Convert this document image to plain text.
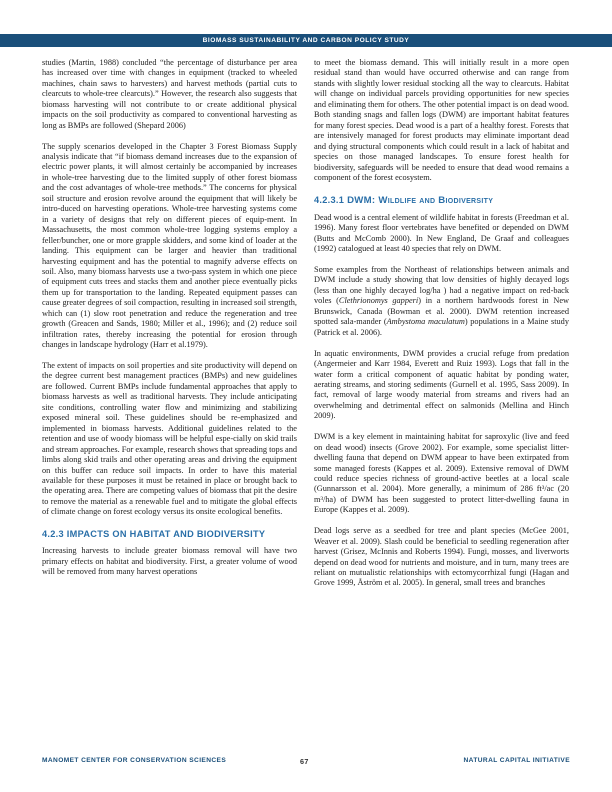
BIOMASS SUSTAINABILITY AND CARBON POLICY STUDY

studies (Martin, 1988) concluded “the percentage of disturbance per area has increased over time with changes in equipment (tracked to wheeled machines, chain saws to harvesters) and harvest methods (partial cuts to clearcuts to whole-tree clearcuts).” However, the research also suggests that biomass harvesting will not contribute to or create additional physical impacts on the soil productivity as compared to conventional harvesting as long as BMPs are followed (Shepard 2006)

The supply scenarios developed in the Chapter 3 Forest Biomass Supply analysis indicate that “if biomass demand increases due to the expansion of electric power plants, it will almost certainly be accompanied by increases in whole-tree harvesting due to the limited supply of other forest biomass and the cost advantages of whole-tree methods.” The concerns for physical soil structure and erosion revolve around the equipment that will likely be intro-duced on harvesting operations. Whole-tree harvesting systems come in a variety of designs that rely on different pieces of equip-ment. In Massachusetts, the most common whole-tree logging systems employ a feller/buncher, one or more grapple skidders, and some kind of loader at the landing. This equipment can be larger and heavier than traditional harvesting equipment and has the potential to magnify adverse effects on soil. Also, many biomass harvests use a two-pass system in which one piece of equipment cuts trees and stacks them and another piece eventually picks them up for transportation to the landing. Repeated equipment passes can cause greater degrees of soil compaction, resulting in increased soil strength, which can (1) slow root penetration and reduce the regeneration and tree growth (Greacen and Sands, 1980; Miller et al., 1996); and (2) reduce soil infiltration rates, thereby increasing the potential for erosion through changes in landscape hydrology (Harr et al.1979).

The extent of impacts on soil properties and site productivity will depend on the degree current best management practices (BMPs) and new guidelines are followed. Current BMPs include fundamental approaches that apply to biomass harvests as well as traditional harvests. They include anticipating site conditions, controlling water flow and minimizing and stabilizing exposed mineral soil. These guidelines should be re-emphasized and implemented in biomass harvests. Additional guidelines related to the retention and use of woody biomass will be helpful espe-cially on skid trails and stream approaches. For example, research shows that spreading tops and limbs along skid trails and other operating areas and driving the equipment on this buffer can reduce soil impacts. In order to have this material available for these purposes it must be retained in place or brought back to the operating area. There are competing values of biomass that pit the desire to remove the material as a renewable fuel and to mitigate the global effects of climate change on forest ecology versus its onsite ecological benefits.

4.2.3 IMPACTS ON HABITAT AND BIODIVERSITY

Increasing harvests to include greater biomass removal will have two primary effects on habitat and biodiversity. First, a greater volume of wood will be removed from many harvest operations

to meet the biomass demand. This will initially result in a more open residual stand than would have occurred otherwise and can range from stands with slightly lower residual stocking all the way to clearcuts. Habitat will change on individual parcels providing opportunities for new species and eliminating them for others. The other potential impact is on dead wood. Both standing snags and fallen logs (DWM) are important habitat features for many forest species. Dead wood is a part of a healthy forest. Forests that are intensively managed for forest products may eliminate important dead and dying structural components which could result in a lack of habitat and species on those managed landscapes. To ensure forest health for biodiversity, safeguards will be needed to ensure that dead wood remains a component of the forest ecosystem.

4.2.3.1 DWM: Wildlife and Biodiversity

Dead wood is a central element of wildlife habitat in forests (Freedman et al. 1996). Many forest floor vertebrates have benefited or depended on DWM (Butts and McComb 2000). In New England, De Graaf and colleagues (1992) catalogued at least 40 species that rely on DWM.

Some examples from the Northeast of relationships between animals and DWM include a study showing that low densities of highly decayed logs (less than one highly decayed log/ha ) had a negative impact on red-back voles (Clethrionomys gapperi) in a northern hardwoods forest in New Brunswick, Canada (Bowman et al. 2000). DWM retention increased spotted sala-mander (Ambystoma maculatum) populations in a Maine study (Patrick et al. 2006).

In aquatic environments, DWM provides a crucial refuge from predation (Angermeier and Karr 1984, Everett and Ruiz 1993). Logs that fall in the water form a critical component of aquatic habitat by ponding water, aerating streams, and storing sediments (Gurnell et al. 1995, Sass 2009). In fact, removal of large woody material from streams and rivers had an overwhelming and detrimental effect on salmonids (Mellina and Hinch 2009).

DWM is a key element in maintaining habitat for saproxylic (live and feed on dead wood) insects (Grove 2002). For example, some specialist litter-dwelling fauna that depend on DWM appear to have been extirpated from some managed forests (Kappes et al. 2009). Extensive removal of DWM could reduce species richness of ground-active beetles at a local scale (Gunnarsson et al. 2004). More generally, a minimum of 286 ft³/ac (20 m³/ha) of DWM has been suggested to protect litter-dwelling fauna in Europe (Kappes et al. 2009).

Dead logs serve as a seedbed for tree and plant species (McGee 2001, Weaver et al. 2009). Slash could be beneficial to seedling regeneration after harvest (Grisez, McInnis and Roberts 1994). Fungi, mosses, and liverworts depend on dead wood for nutrients and moisture, and in turn, many trees are reliant on mutualistic relationships with ectomycorrhizal fungi (Hagan and Grove 1999, Åström et al. 2005). In general, small trees and branches

MANOMET CENTER FOR CONSERVATION SCIENCES	67	NATURAL CAPITAL INITIATIVE
